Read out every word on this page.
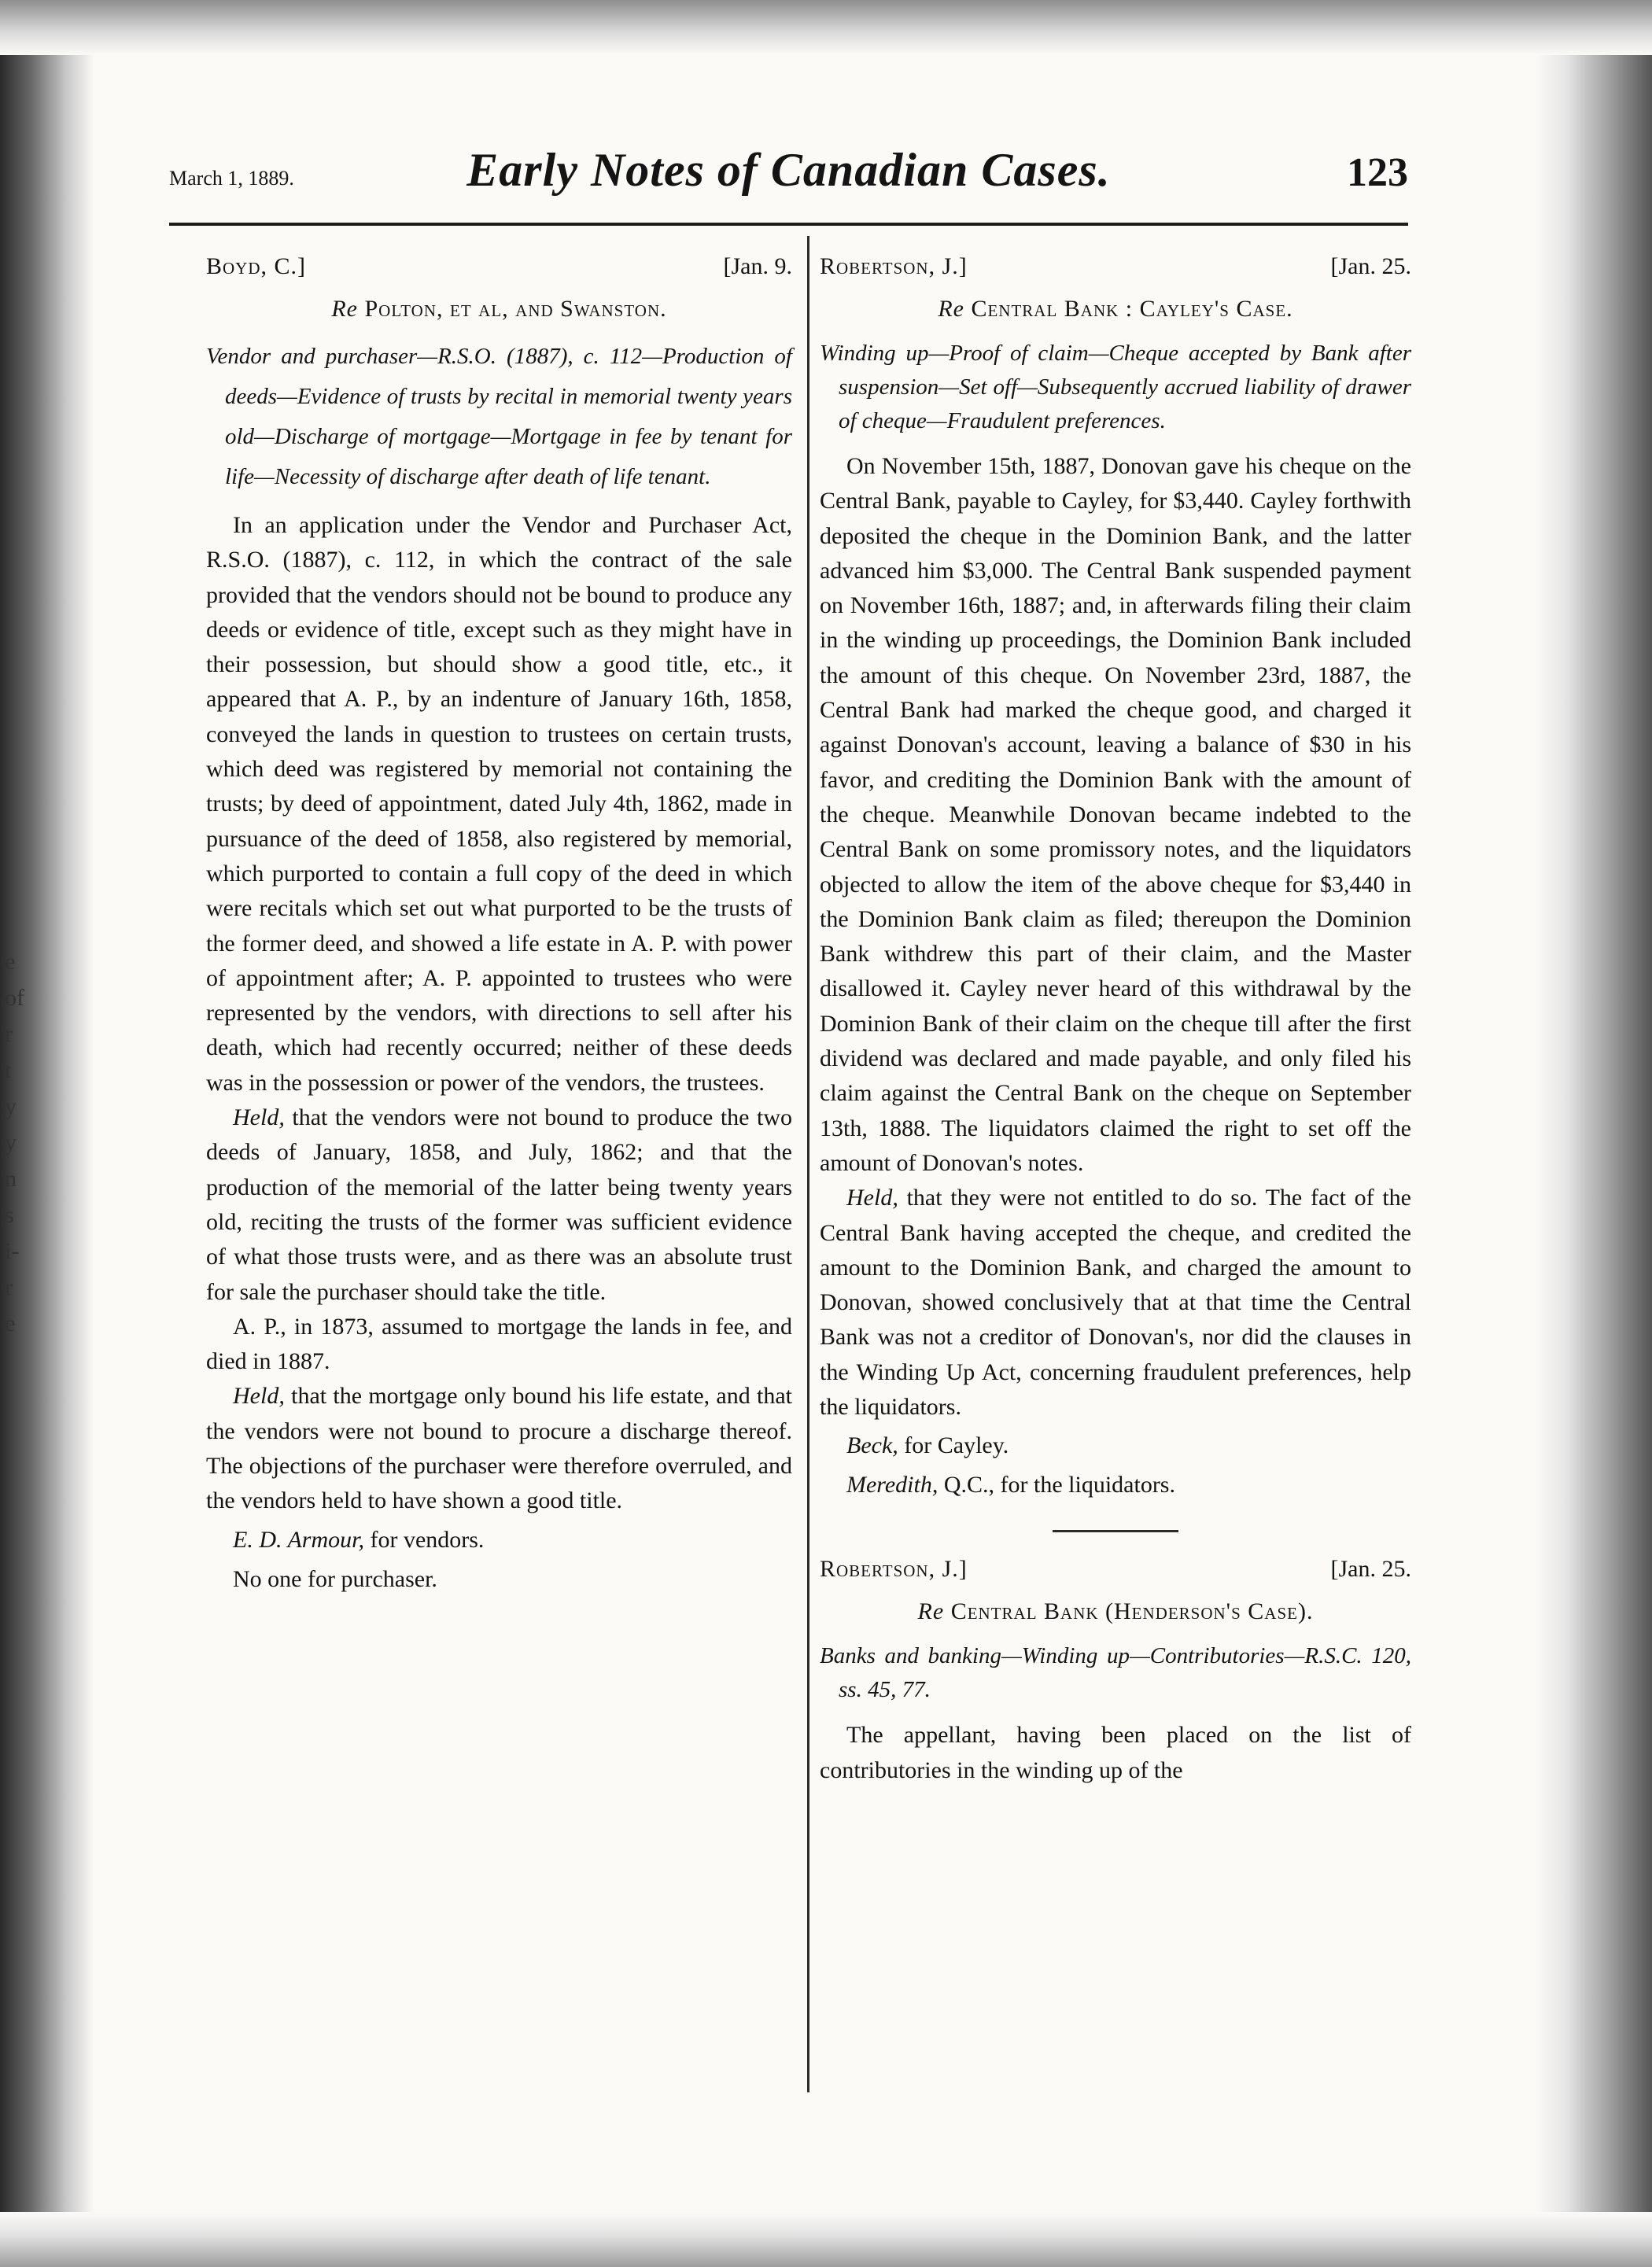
e
of
r
t
y
y
n
s
i-
r
e
March 1, 1889.	Early Notes of Canadian Cases.	123
Boyd, C.]	[Jan. 9.
Re Polton, et al, and Swanston.

Vendor and purchaser—R.S.O. (1887), c. 112—Production of deeds—Evidence of trusts by recital in memorial twenty years old—Discharge of mortgage—Mortgage in fee by tenant for life—Necessity of discharge after death of life tenant.

In an application under the Vendor and Purchaser Act, R.S.O. (1887), c. 112, in which the contract of the sale provided that the vendors should not be bound to produce any deeds or evidence of title, except such as they might have in their possession, but should show a good title, etc., it appeared that A. P., by an indenture of January 16th, 1858, conveyed the lands in question to trustees on certain trusts, which deed was registered by memorial not containing the trusts; by deed of appointment, dated July 4th, 1862, made in pursuance of the deed of 1858, also registered by memorial, which purported to contain a full copy of the deed in which were recitals which set out what purported to be the trusts of the former deed, and showed a life estate in A. P. with power of appointment after; A. P. appointed to trustees who were represented by the vendors, with directions to sell after his death, which had recently occurred; neither of these deeds was in the possession or power of the vendors, the trustees.

Held, that the vendors were not bound to produce the two deeds of January, 1858, and July, 1862; and that the production of the memorial of the latter being twenty years old, reciting the trusts of the former was sufficient evidence of what those trusts were, and as there was an absolute trust for sale the purchaser should take the title.

A. P., in 1873, assumed to mortgage the lands in fee, and died in 1887.

Held, that the mortgage only bound his life estate, and that the vendors were not bound to procure a discharge thereof. The objections of the purchaser were therefore overruled, and the vendors held to have shown a good title.

E. D. Armour, for vendors.

No one for purchaser.

Robertson, J.]	[Jan. 25.
Re Central Bank : Cayley's Case.

Winding up—Proof of claim—Cheque accepted by Bank after suspension—Set off—Subsequently accrued liability of drawer of cheque—Fraudulent preferences.

On November 15th, 1887, Donovan gave his cheque on the Central Bank, payable to Cayley, for $3,440. Cayley forthwith deposited the cheque in the Dominion Bank, and the latter advanced him $3,000. The Central Bank suspended payment on November 16th, 1887; and, in afterwards filing their claim in the winding up proceedings, the Dominion Bank included the amount of this cheque. On November 23rd, 1887, the Central Bank had marked the cheque good, and charged it against Donovan's account, leaving a balance of $30 in his favor, and crediting the Dominion Bank with the amount of the cheque. Meanwhile Donovan became indebted to the Central Bank on some promissory notes, and the liquidators objected to allow the item of the above cheque for $3,440 in the Dominion Bank claim as filed; thereupon the Dominion Bank withdrew this part of their claim, and the Master disallowed it. Cayley never heard of this withdrawal by the Dominion Bank of their claim on the cheque till after the first dividend was declared and made payable, and only filed his claim against the Central Bank on the cheque on September 13th, 1888. The liquidators claimed the right to set off the amount of Donovan's notes.

Held, that they were not entitled to do so. The fact of the Central Bank having accepted the cheque, and credited the amount to the Dominion Bank, and charged the amount to Donovan, showed conclusively that at that time the Central Bank was not a creditor of Donovan's, nor did the clauses in the Winding Up Act, concerning fraudulent preferences, help the liquidators.

Beck, for Cayley.

Meredith, Q.C., for the liquidators.

Robertson, J.]	[Jan. 25.
Re Central Bank (Henderson's Case).

Banks and banking—Winding up—Contributories—R.S.C. 120, ss. 45, 77.

The appellant, having been placed on the list of contributories in the winding up of the
